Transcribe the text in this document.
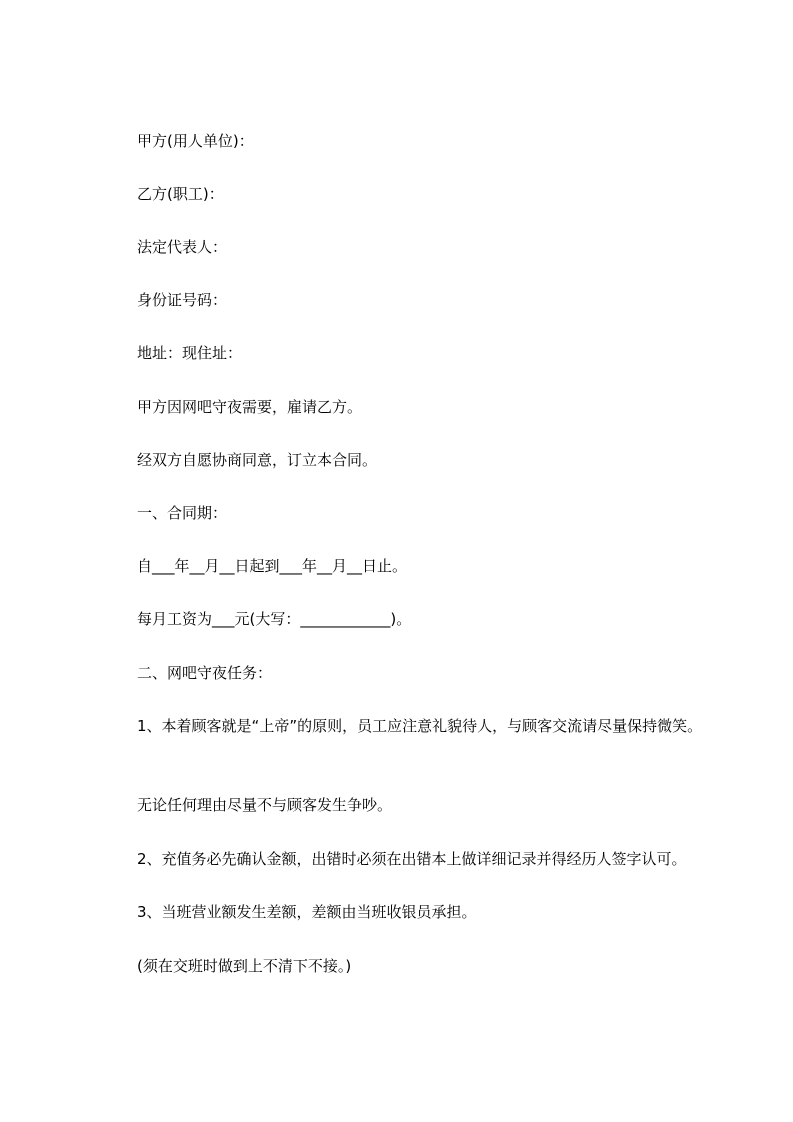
甲方(用人单位)：
乙方(职工)：
法定代表人：
身份证号码：
地址：现住址：
甲方因网吧守夜需要，雇请乙方。
经双方自愿协商同意，订立本合同。
一、合同期：
自___年__月__日起到___年__月__日止。
每月工资为___元(大写：____________)。
二、网吧守夜任务：
1、本着顾客就是“上帝”的原则，员工应注意礼貌待人，与顾客交流请尽量保持微笑。
无论任何理由尽量不与顾客发生争吵。
2、充值务必先确认金额，出错时必须在出错本上做详细记录并得经历人签字认可。
3、当班营业额发生差额，差额由当班收银员承担。
(须在交班时做到上不清下不接。)
